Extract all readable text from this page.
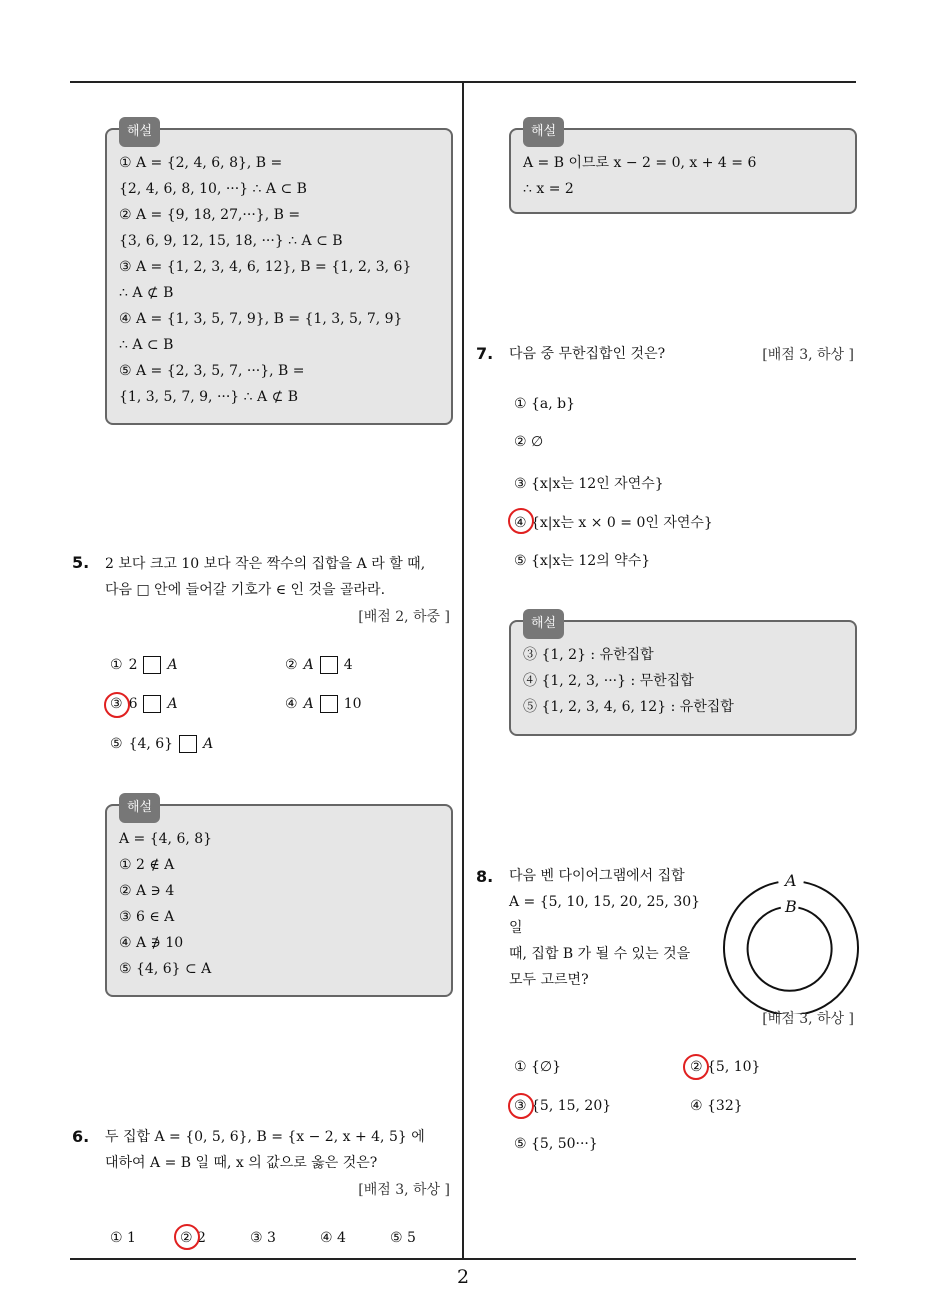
해설
① A = {2, 4, 6, 8}, B =
{2, 4, 6, 8, 10, ···} ∴ A ⊂ B
② A = {9, 18, 27,···}, B =
{3, 6, 9, 12, 15, 18, ···} ∴ A ⊂ B
③ A = {1, 2, 3, 4, 6, 12}, B = {1, 2, 3, 6}
∴ A ⊄ B
④ A = {1, 3, 5, 7, 9}, B = {1, 3, 5, 7, 9}
∴ A ⊂ B
⑤ A = {2, 3, 5, 7, ···}, B =
{1, 3, 5, 7, 9, ···} ∴ A ⊄ B
5. 2 보다 크고 10 보다 작은 짝수의 집합을 A 라 할 때,
다음 □ 안에 들어갈 기호가 ∈ 인 것을 골라라.
[배점 2, 하중 ]
① 2 A	② A 4
③ 6 A	④ A 10
⑤ {4, 6} A
해설
A = {4, 6, 8}
① 2 ∉ A
② A ∋ 4
③ 6 ∈ A
④ A ∌ 10
⑤ {4, 6} ⊂ A
6. 두 집합 A = {0, 5, 6}, B = {x − 2, x + 4, 5} 에
대하여 A = B 일 때, x 의 값으로 옳은 것은?
[배점 3, 하상 ]
① 1	② 2	③ 3	④ 4	⑤ 5
해설
A = B 이므로 x − 2 = 0, x + 4 = 6
∴ x = 2
7. 다음 중 무한집합인 것은?	[배점 3, 하상 ]
① {a, b}
② ∅
③ {x|x는 12인 자연수}
④ {x|x는 x × 0 = 0인 자연수}
⑤ {x|x는 12의 약수}
해설
③ {1, 2} : 유한집합
④ {1, 2, 3, ···} : 무한집합
⑤ {1, 2, 3, 4, 6, 12} : 유한집합
8. 다음 벤 다이어그램에서 집합
A = {5, 10, 15, 20, 25, 30} 일
때, 집합 B 가 될 수 있는 것을
모두 고르면?
A
B
[배점 3, 하상 ]
① {∅}	② {5, 10}
③ {5, 15, 20}	④ {32}
⑤ {5, 50···}
2
